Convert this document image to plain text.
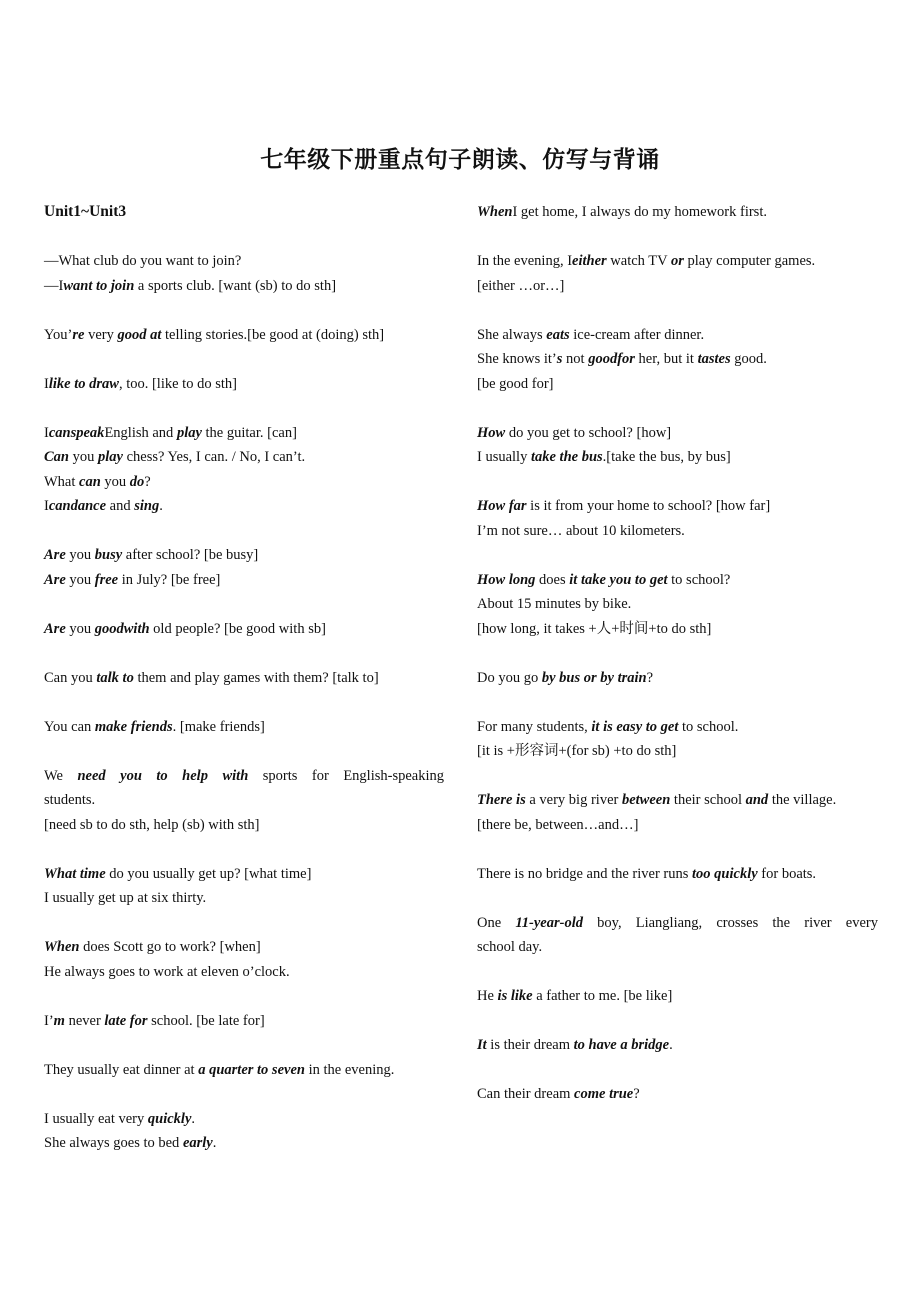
七年级下册重点句子朗读、仿写与背诵
Unit1~Unit3
—What club do you want to join?
—Iwant to join a sports club. [want (sb) to do sth]
You’re very good at telling stories.[be good at (doing) sth]
Ilike to draw, too. [like to do sth]
IcanspeakEnglish and play the guitar. [can]
Can you play chess? Yes, I can. / No, I can’t.
What can you do?
Icandance and sing.
Are you busy after school? [be busy]
Are you free in July? [be free]
Are you goodwith old people? [be good with sb]
Can you talk to them and play games with them? [talk to]
You can make friends. [make friends]
We need you to help with sports for English-speaking
students.
[need sb to do sth, help (sb) with sth]
What time do you usually get up? [what time]
I usually get up at six thirty.
When does Scott go to work? [when]
He always goes to work at eleven o’clock.
I’m never late for school. [be late for]
They usually eat dinner at a quarter to seven in the evening.
I usually eat very quickly.
She always goes to bed early.
WhenI get home, I always do my homework first.
In the evening, Ieither watch TV or play computer games.
[either …or…]
She always eats ice-cream after dinner.
She knows it’s not goodfor her, but it tastes good.
[be good for]
How do you get to school? [how]
I usually take the bus.[take the bus, by bus]
How far is it from your home to school? [how far]
I’m not sure… about 10 kilometers.
How long does it take you to get to school?
About 15 minutes by bike.
[how long, it takes +人+时间+to do sth]
Do you go by bus or by train?
For many students, it is easy to get to school.
[it is +形容词+(for sb) +to do sth]
There is a very big river between their school and the village.
[there be, between…and…]
There is no bridge and the river runs too quickly for boats.
One 11-year-old boy, Liangliang, crosses the river every
school day.
He is like a father to me. [be like]
It is their dream to have a bridge.
Can their dream come true?
